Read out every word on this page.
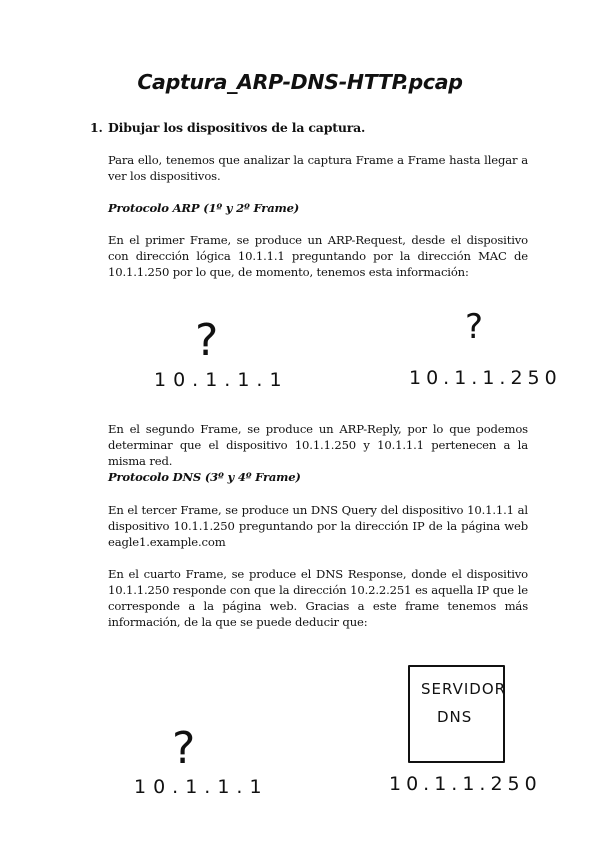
Captura_ARP-DNS-HTTP.pcap
1. Dibujar los dispositivos de la captura.
Para ello, tenemos que analizar la captura Frame a Frame hasta llegar a ver los dispositivos.
Protocolo ARP (1º y 2º Frame)
En el primer Frame, se produce un ARP-Request, desde el dispositivo con dirección lógica 10.1.1.1 preguntando por la dirección MAC de 10.1.1.250 por lo que, de momento, tenemos esta información:
?
10.1.1.1
?
10.1.1.250
En el segundo Frame, se produce un ARP-Reply, por lo que podemos determinar que el dispositivo 10.1.1.250 y 10.1.1.1 pertenecen a la misma red.
Protocolo DNS (3º y 4º Frame)
En el tercer Frame, se produce un DNS Query del dispositivo 10.1.1.1 al dispositivo 10.1.1.250 preguntando por la dirección IP de la página web eagle1.example.com
En el cuarto Frame, se produce el DNS Response, donde el dispositivo 10.1.1.250 responde con que la dirección 10.2.2.251 es aquella IP que le corresponde a la página web. Gracias a este frame tenemos más información, de la que se puede deducir que:
?
10.1.1.1
SERVIDOR
DNS
10.1.1.250
